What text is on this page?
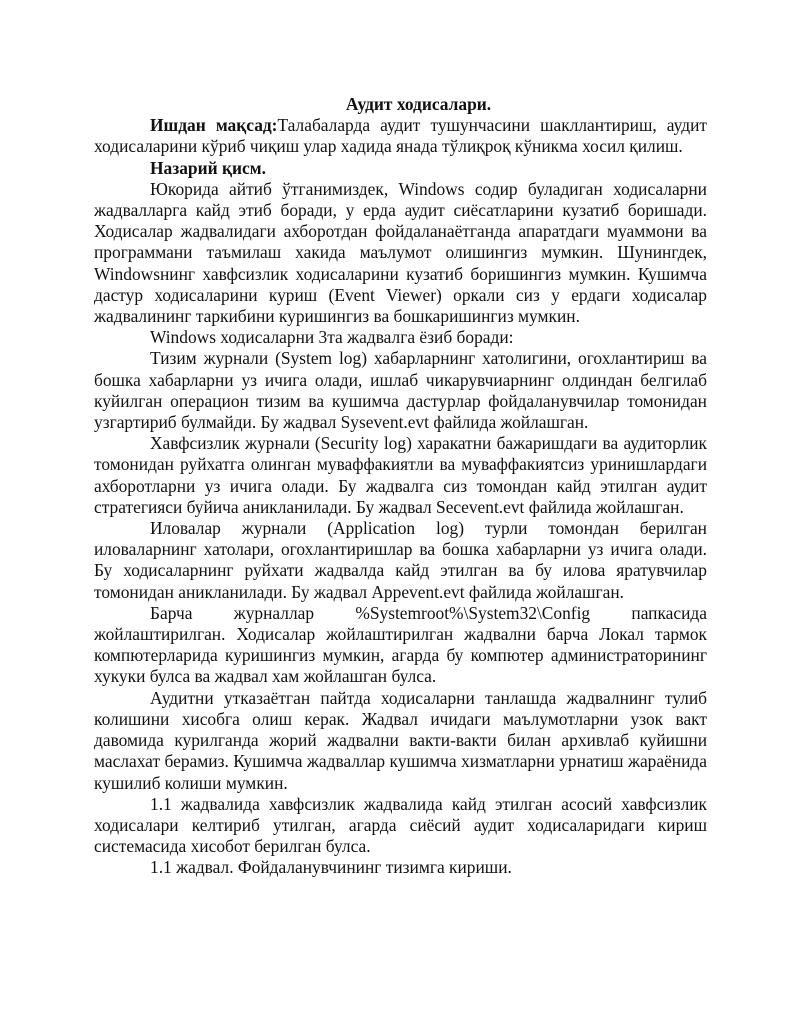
Аудит ходисалари.

Ишдан мақсад:Талабаларда аудит тушунчасини шакллантириш, аудит ходисаларини кўриб чиқиш улар хадида янада тўлиқроқ кўникма хосил қилиш.

Назарий қисм.

Юкорида айтиб ўтганимиздек, Windows содир буладиган ходисаларни жадвалларга кайд этиб боради, у ерда аудит сиёсатларини кузатиб боришади. Ходисалар жадвалидаги ахборотдан фойдаланаётганда апаратдаги муаммони ва программани таъмилаш хакида маълумот олишингиз мумкин. Шунингдек, Windowsнинг хавфсизлик ходисаларини кузатиб боришингиз мумкин. Кушимча дастур ходисаларини куриш (Event Viewer) оркали сиз у ердаги ходисалар жадвалининг таркибини куришингиз ва бошкаришингиз мумкин.

Windows ходисаларни 3та жадвалга ёзиб боради:

Тизим журнали (System log) хабарларнинг хатолигини, огохлантириш ва бошка хабарларни уз ичига олади, ишлаб чикарувчиарнинг олдиндан белгилаб куйилган операцион тизим ва кушимча дастурлар фойдаланувчилар томонидан узгартириб булмайди. Бу жадвал Sysevent.evt файлида жойлашган.

Хавфсизлик журнали (Security log) харакатни бажаришдаги ва аудиторлик томонидан руйхатга олинган муваффакиятли ва муваффакиятсиз уринишлардаги ахборотларни уз ичига олади. Бу жадвалга сиз томондан кайд этилган аудит стратегияси буйича аникланилади. Бу жадвал Secevent.evt файлида жойлашган.

Иловалар журнали (Application log) турли томондан берилган иловаларнинг хатолари, огохлантиришлар ва бошка хабарларни уз ичига олади. Бу ходисаларнинг руйхати жадвалда кайд этилган ва бу илова яратувчилар томонидан аникланилади. Бу жадвал Appevent.evt файлида жойлашган.

Барча журналлар %Systemroot%\System32\Config папкасида жойлаштирилган. Ходисалар жойлаштирилган жадвални барча Локал тармок компютерларида куришингиз мумкин, агарда бу компютер администраторининг хукуки булса ва жадвал хам жойлашган булса.

Аудитни утказаётган пайтда ходисаларни танлашда жадвалнинг тулиб колишини хисобга олиш керак. Жадвал ичидаги маълумотларни узок вакт давомида курилганда жорий жадвални вакти-вакти билан архивлаб куйишни маслахат берамиз. Кушимча жадваллар кушимча хизматларни урнатиш жараёнида кушилиб колиши мумкин.

1.1 жадвалида хавфсизлик жадвалида кайд этилган асосий хавфсизлик ходисалари келтириб утилган, агарда сиёсий аудит ходисаларидаги кириш системасида хисобот берилган булса.

1.1 жадвал. Фойдаланувчининг тизимга кириши.
